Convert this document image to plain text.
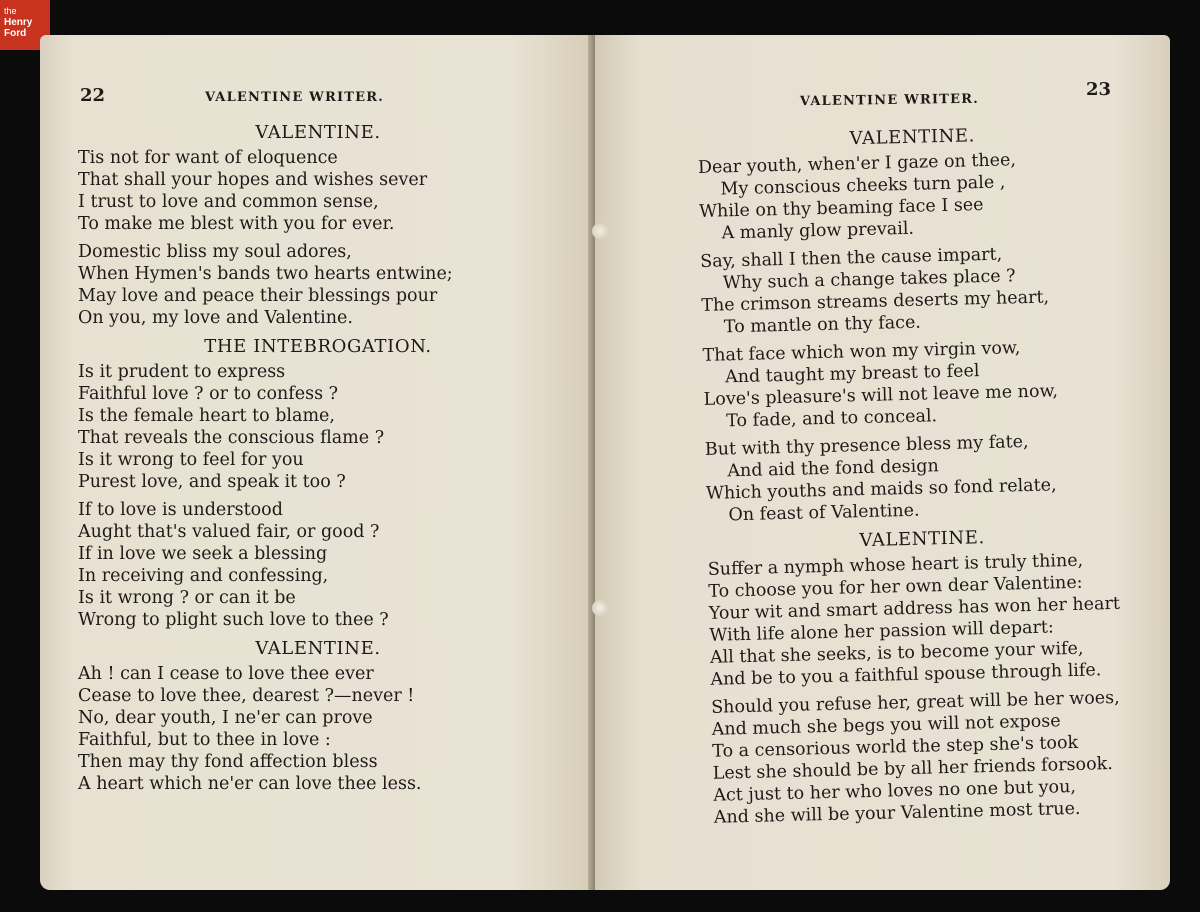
the
Henry
Ford
22	VALENTINE WRITER.
VALENTINE.
Tis not for want of eloquence
That shall your hopes and wishes sever
I trust to love and common sense,
To make me blest with you for ever.
Domestic bliss my soul adores,
When Hymen's bands two hearts entwine;
May love and peace their blessings pour
On you, my love and Valentine.
THE INTEBROGATION.
Is it prudent to express
Faithful love ? or to confess ?
Is the female heart to blame,
That reveals the conscious flame ?
Is it wrong to feel for you
Purest love, and speak it too ?
If to love is understood
Aught that's valued fair, or good ?
If in love we seek a blessing
In receiving and confessing,
Is it wrong ? or can it be
Wrong to plight such love to thee ?
VALENTINE.
Ah ! can I cease to love thee ever
Cease to love thee, dearest ?—never !
No, dear youth, I ne'er can prove
Faithful, but to thee in love :
Then may thy fond affection bless
A heart which ne'er can love thee less.
VALENTINE WRITER.
23
VALENTINE.
Dear youth, when'er I gaze on thee,
My conscious cheeks turn pale ,
While on thy beaming face I see
A manly glow prevail.
Say, shall I then the cause impart,
Why such a change takes place ?
The crimson streams deserts my heart,
To mantle on thy face.
That face which won my virgin vow,
And taught my breast to feel
Love's pleasure's will not leave me now,
To fade, and to conceal.
But with thy presence bless my fate,
And aid the fond design
Which youths and maids so fond relate,
On feast of Valentine.
VALENTINE.
Suffer a nymph whose heart is truly thine,
To choose you for her own dear Valentine:
Your wit and smart address has won her heart
With life alone her passion will depart:
All that she seeks, is to become your wife,
And be to you a faithful spouse through life.
Should you refuse her, great will be her woes,
And much she begs you will not expose
To a censorious world the step she's took
Lest she should be by all her friends forsook.
Act just to her who loves no one but you,
And she will be your Valentine most true.
